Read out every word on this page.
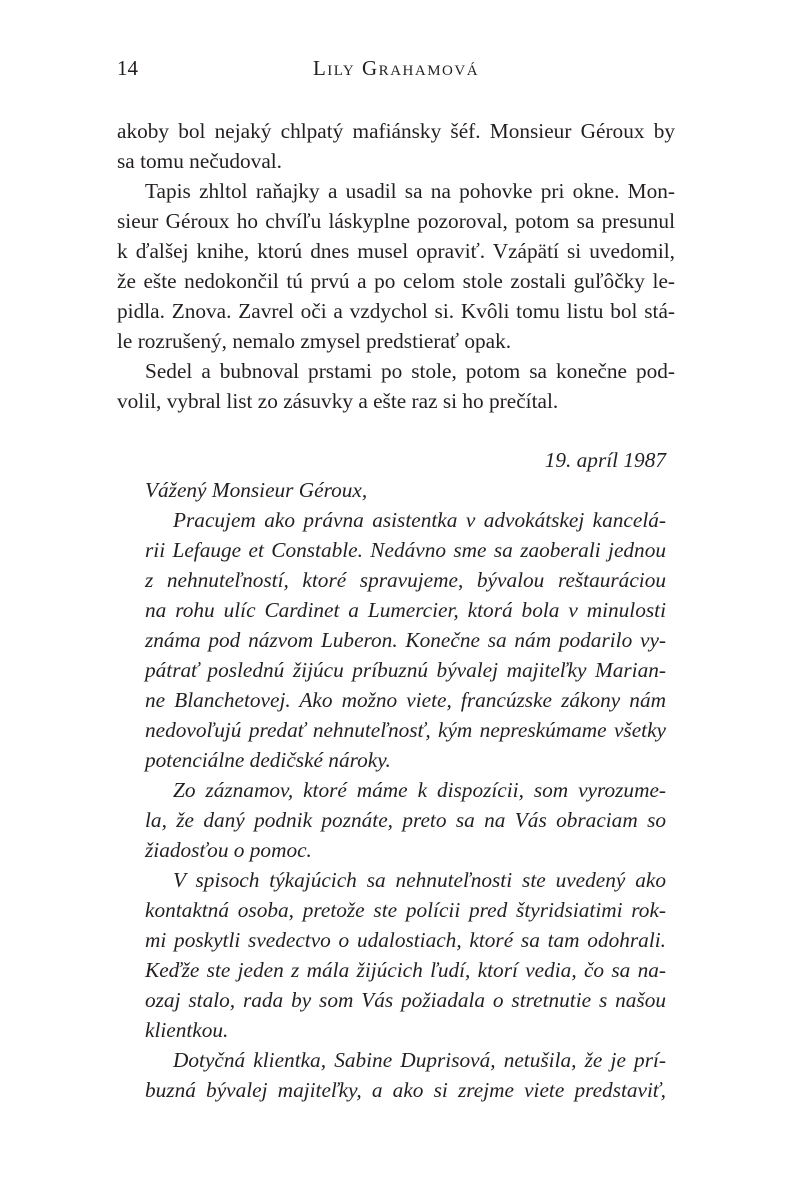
14	Lily Grahamová
akoby bol nejaký chlpatý mafiánsky šéf. Monsieur Géroux by
sa tomu nečudoval.
Tapis zhltol raňajky a usadil sa na pohovke pri okne. Mon-
sieur Géroux ho chvíľu láskyplne pozoroval, potom sa presunul
k ďalšej knihe, ktorú dnes musel opraviť. Vzápätí si uvedomil,
že ešte nedokončil tú prvú a po celom stole zostali guľôčky le-
pidla. Znova. Zavrel oči a vzdychol si. Kvôli tomu listu bol stá-
le rozrušený, nemalo zmysel predstierať opak.
Sedel a bubnoval prstami po stole, potom sa konečne pod-
volil, vybral list zo zásuvky a ešte raz si ho prečítal.
19. apríl 1987
Vážený Monsieur Géroux,
Pracujem ako právna asistentka v advokátskej kancelá-
rii Lefauge et Constable. Nedávno sme sa zaoberali jednou
z nehnuteľností, ktoré spravujeme, bývalou reštauráciou
na rohu ulíc Cardinet a Lumercier, ktorá bola v minulosti
známa pod názvom Luberon. Konečne sa nám podarilo vy-
pátrať poslednú žijúcu príbuznú bývalej majiteľky Marian-
ne Blanchetovej. Ako možno viete, francúzske zákony nám
nedovoľujú predať nehnuteľnosť, kým nepreskúmame všetky
potenciálne dedičské nároky.
Zo záznamov, ktoré máme k dispozícii, som vyrozume-
la, že daný podnik poznáte, preto sa na Vás obraciam so
žiadosťou o pomoc.
V spisoch týkajúcich sa nehnuteľnosti ste uvedený ako
kontaktná osoba, pretože ste polícii pred štyridsiatimi rok-
mi poskytli svedectvo o udalostiach, ktoré sa tam odohrali.
Keďže ste jeden z mála žijúcich ľudí, ktorí vedia, čo sa na-
ozaj stalo, rada by som Vás požiadala o stretnutie s našou
klientkou.
Dotyčná klientka, Sabine Duprisová, netušila, že je prí-
buzná bývalej majiteľky, a ako si zrejme viete predstaviť,
